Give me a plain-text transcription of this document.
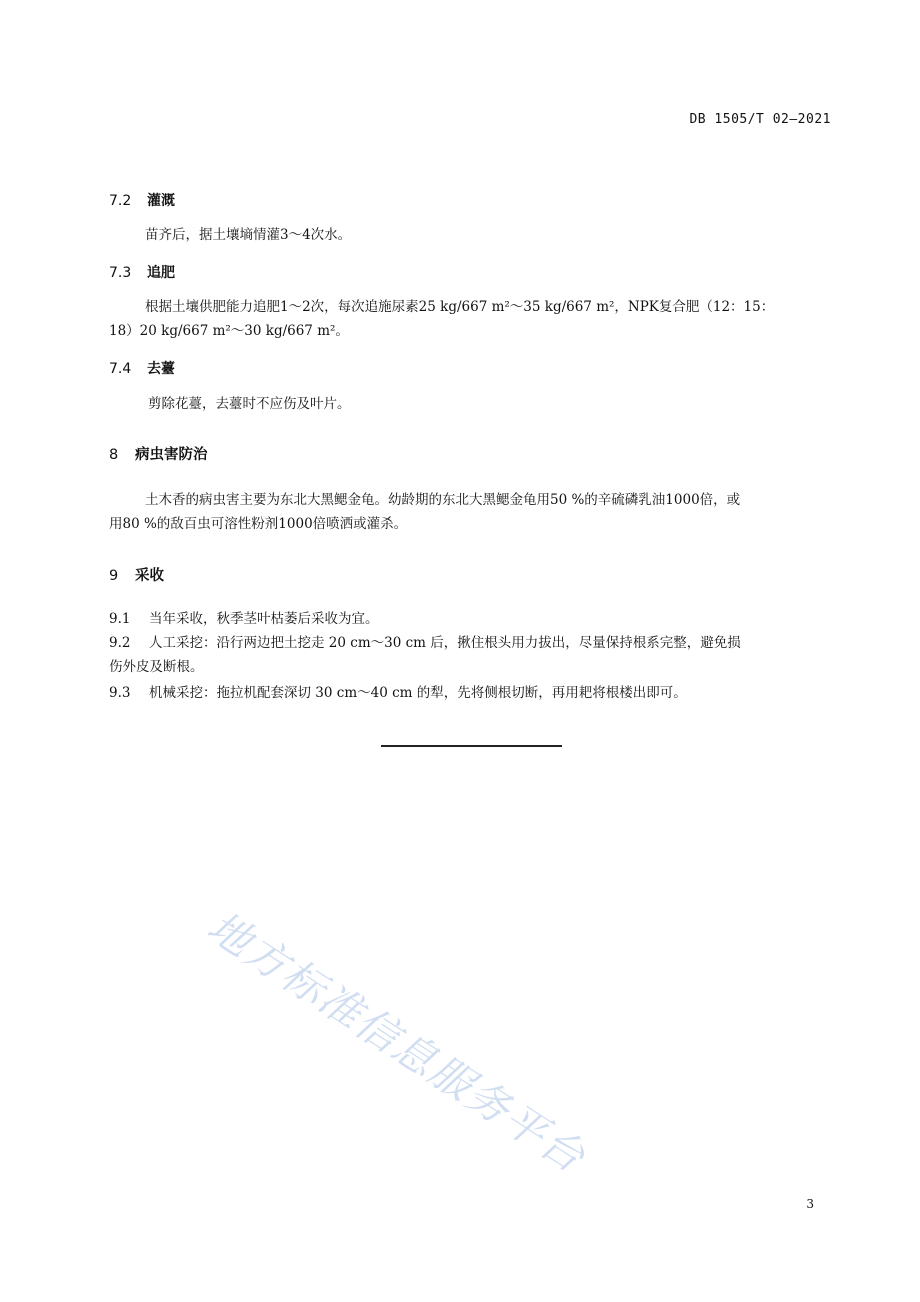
DB 1505/T 02—2021
7.2 灌溉
苗齐后，据土壤墒情灌3～4次水。
7.3 追肥
根据土壤供肥能力追肥1～2次，每次追施尿素25 kg/667 m²～35 kg/667 m²，NPK复合肥（12：15：
18）20 kg/667 m²～30 kg/667 m²。
7.4 去薹
剪除花薹，去薹时不应伤及叶片。
8 病虫害防治
土木香的病虫害主要为东北大黑鳃金龟。幼龄期的东北大黑鳃金龟用50 %的辛硫磷乳油1000倍，或
用80 %的敌百虫可溶性粉剂1000倍喷洒或灌杀。
9 采收
9.1 当年采收，秋季茎叶枯萎后采收为宜。
9.2 人工采挖：沿行两边把土挖走 20 cm～30 cm 后，揪住根头用力拔出，尽量保持根系完整，避免损
伤外皮及断根。
9.3 机械采挖：拖拉机配套深切 30 cm～40 cm 的犁，先将侧根切断，再用耙将根楼出即可。
地方标准信息服务平台
3
